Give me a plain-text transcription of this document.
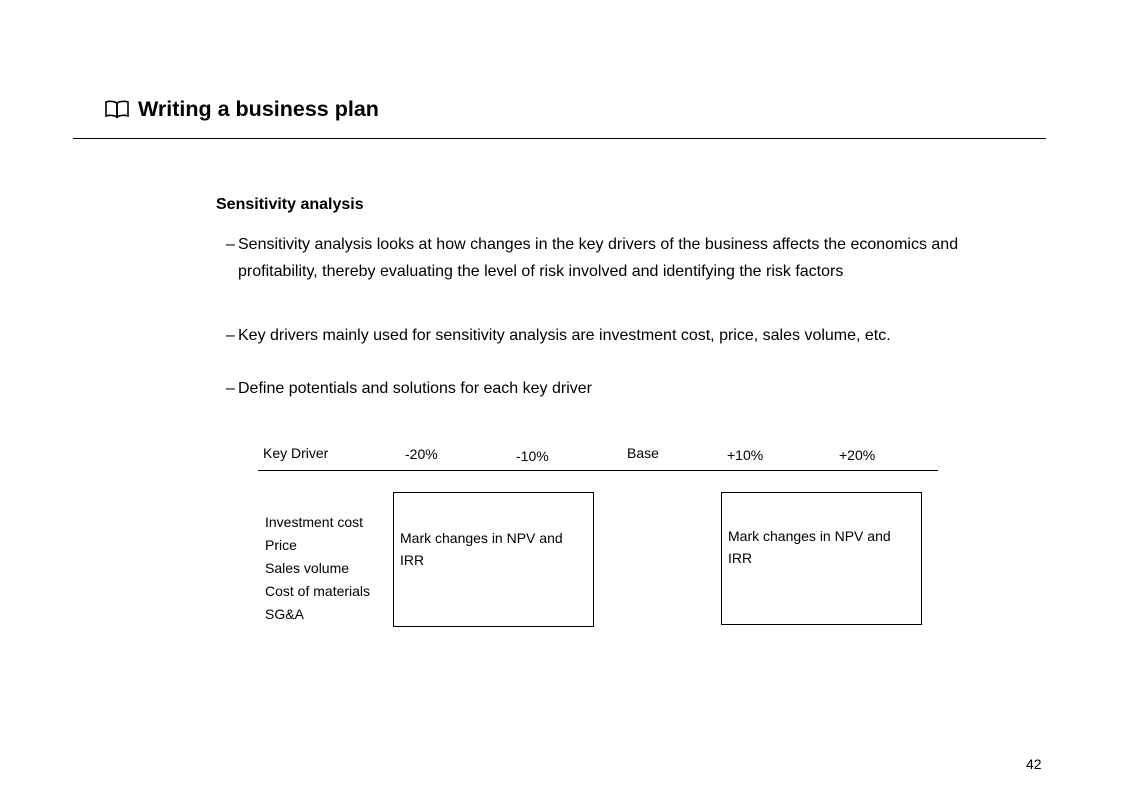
Writing a business plan
Sensitivity analysis
– Sensitivity analysis looks at how changes in the key drivers of the business affects the economics and profitability, thereby evaluating the level of risk involved and identifying the risk factors
– Key drivers mainly used for sensitivity analysis are investment cost, price, sales volume, etc.
– Define potentials and solutions for each key driver
Key Driver	-20%	-10%	Base	+10%	+20%
Investment cost
Price
Sales volume
Cost of materials
SG&A
Mark changes in NPV and IRR
Mark changes in NPV and IRR
42
